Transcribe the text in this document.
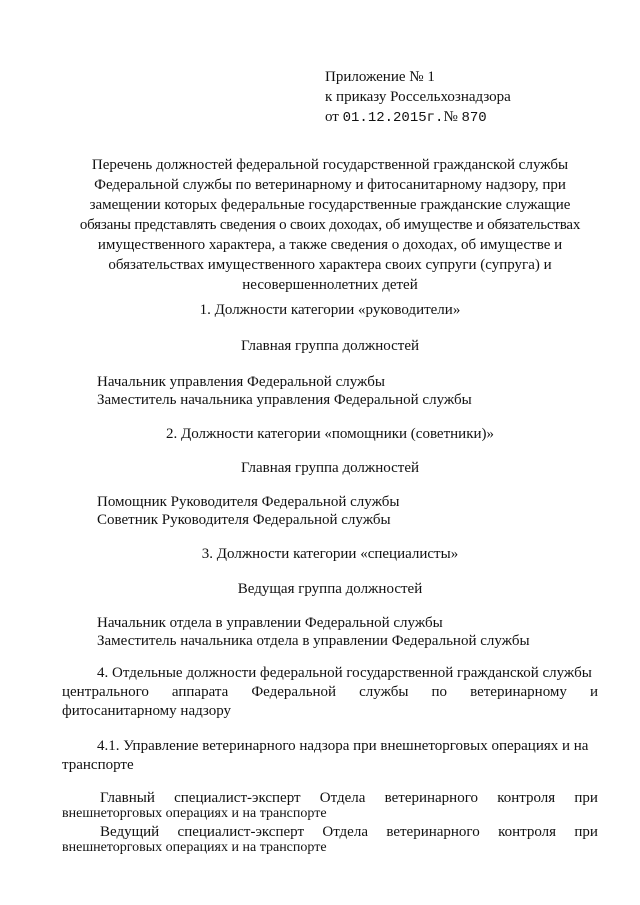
Приложение № 1
к приказу Россельхознадзора
от 01.12.2015г.№ 870
Перечень должностей федеральной государственной гражданской службы
Федеральной службы по ветеринарному и фитосанитарному надзору, при
замещении которых федеральные государственные гражданские служащие
обязаны представлять сведения о своих доходах, об имуществе и обязательствах
имущественного характера, а также сведения о доходах, об имуществе и
обязательствах имущественного характера своих супруги (супруга) и
несовершеннолетних детей
1. Должности категории «руководители»
Главная группа должностей
Начальник управления Федеральной службы
Заместитель начальника управления Федеральной службы
2. Должности категории «помощники (советники)»
Главная группа должностей
Помощник Руководителя Федеральной службы
Советник Руководителя Федеральной службы
3. Должности категории «специалисты»
Ведущая группа должностей
Начальник отдела в управлении Федеральной службы
Заместитель начальника отдела в управлении Федеральной службы
4. Отдельные должности федеральной государственной гражданской службы
центрального аппарата Федеральной службы по ветеринарному и
фитосанитарному надзору
4.1. Управление ветеринарного надзора при внешнеторговых операциях и на
транспорте
Главный специалист-эксперт Отдела ветеринарного контроля при
внешнеторговых операциях и на транспорте
Ведущий специалист-эксперт Отдела ветеринарного контроля при
внешнеторговых операциях и на транспорте
